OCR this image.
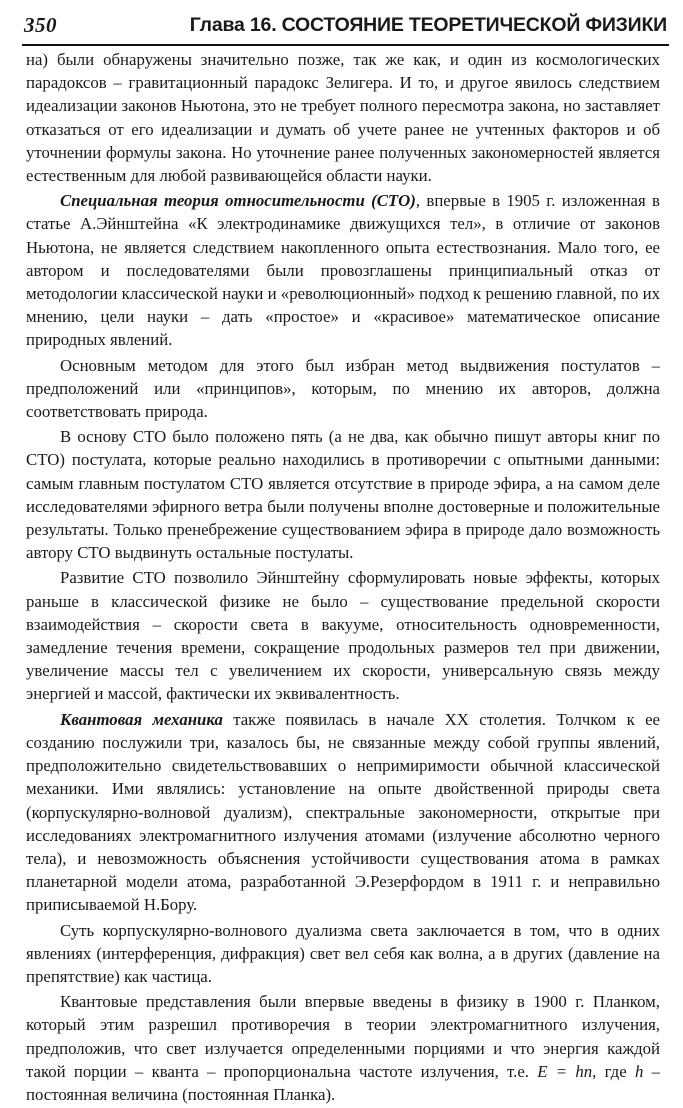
350	Глава 16. СОСТОЯНИЕ ТЕОРЕТИЧЕСКОЙ ФИЗИКИ

на) были обнаружены значительно позже, так же как, и один из космологических парадоксов – гравитационный парадокс Зелигера. И то, и другое явилось следствием идеализации законов Ньютона, это не требует полного пересмотра закона, но заставляет отказаться от его идеализации и думать об учете ранее не учтенных факторов и об уточнении формулы закона. Но уточнение ранее полученных закономерностей является естественным для любой развивающейся области науки.

Специальная теория относительности (СТО), впервые в 1905 г. изложенная в статье А.Эйнштейна «К электродинамике движущихся тел», в отличие от законов Ньютона, не является следствием накопленного опыта естествознания. Мало того, ее автором и последователями были провозглашены принципиальный отказ от методологии классической науки и «революционный» подход к решению главной, по их мнению, цели науки – дать «простое» и «красивое» математическое описание природных явлений.

Основным методом для этого был избран метод выдвижения постулатов – предположений или «принципов», которым, по мнению их авторов, должна соответствовать природа.

В основу СТО было положено пять (а не два, как обычно пишут авторы книг по СТО) постулата, которые реально находились в противоречии с опытными данными: самым главным постулатом СТО является отсутствие в природе эфира, а на самом деле исследователями эфирного ветра были получены вполне достоверные и положительные результаты. Только пренебрежение существованием эфира в природе дало возможность автору СТО выдвинуть остальные постулаты.

Развитие СТО позволило Эйнштейну сформулировать новые эффекты, которых раньше в классической физике не было – существование предельной скорости взаимодействия – скорости света в вакууме, относительность одновременности, замедление течения времени, сокращение продольных размеров тел при движении, увеличение массы тел с увеличением их скорости, универсальную связь между энергией и массой, фактически их эквивалентность.

Квантовая механика также появилась в начале XX столетия. Толчком к ее созданию послужили три, казалось бы, не связанные между собой группы явлений, предположительно свидетельствовавших о непримиримости обычной классической механики. Ими являлись: установление на опыте двойственной природы света (корпускулярно-волновой дуализм), спектральные закономерности, открытые при исследованиях электромагнитного излучения атомами (излучение абсолютно черного тела), и невозможность объяснения устойчивости существования атома в рамках планетарной модели атома, разработанной Э.Резерфордом в 1911 г. и неправильно приписываемой Н.Бору.

Суть корпускулярно-волнового дуализма света заключается в том, что в одних явлениях (интерференция, дифракция) свет вел себя как волна, а в других (давление на препятствие) как частица.

Квантовые представления были впервые введены в физику в 1900 г. Планком, который этим разрешил противоречия в теории электромагнитного излучения, предположив, что свет излучается определенными порциями и что энергия каждой такой порции – кванта – пропорциональна частоте излучения, т.е. E = hn, где h – постоянная величина (постоянная Планка).
